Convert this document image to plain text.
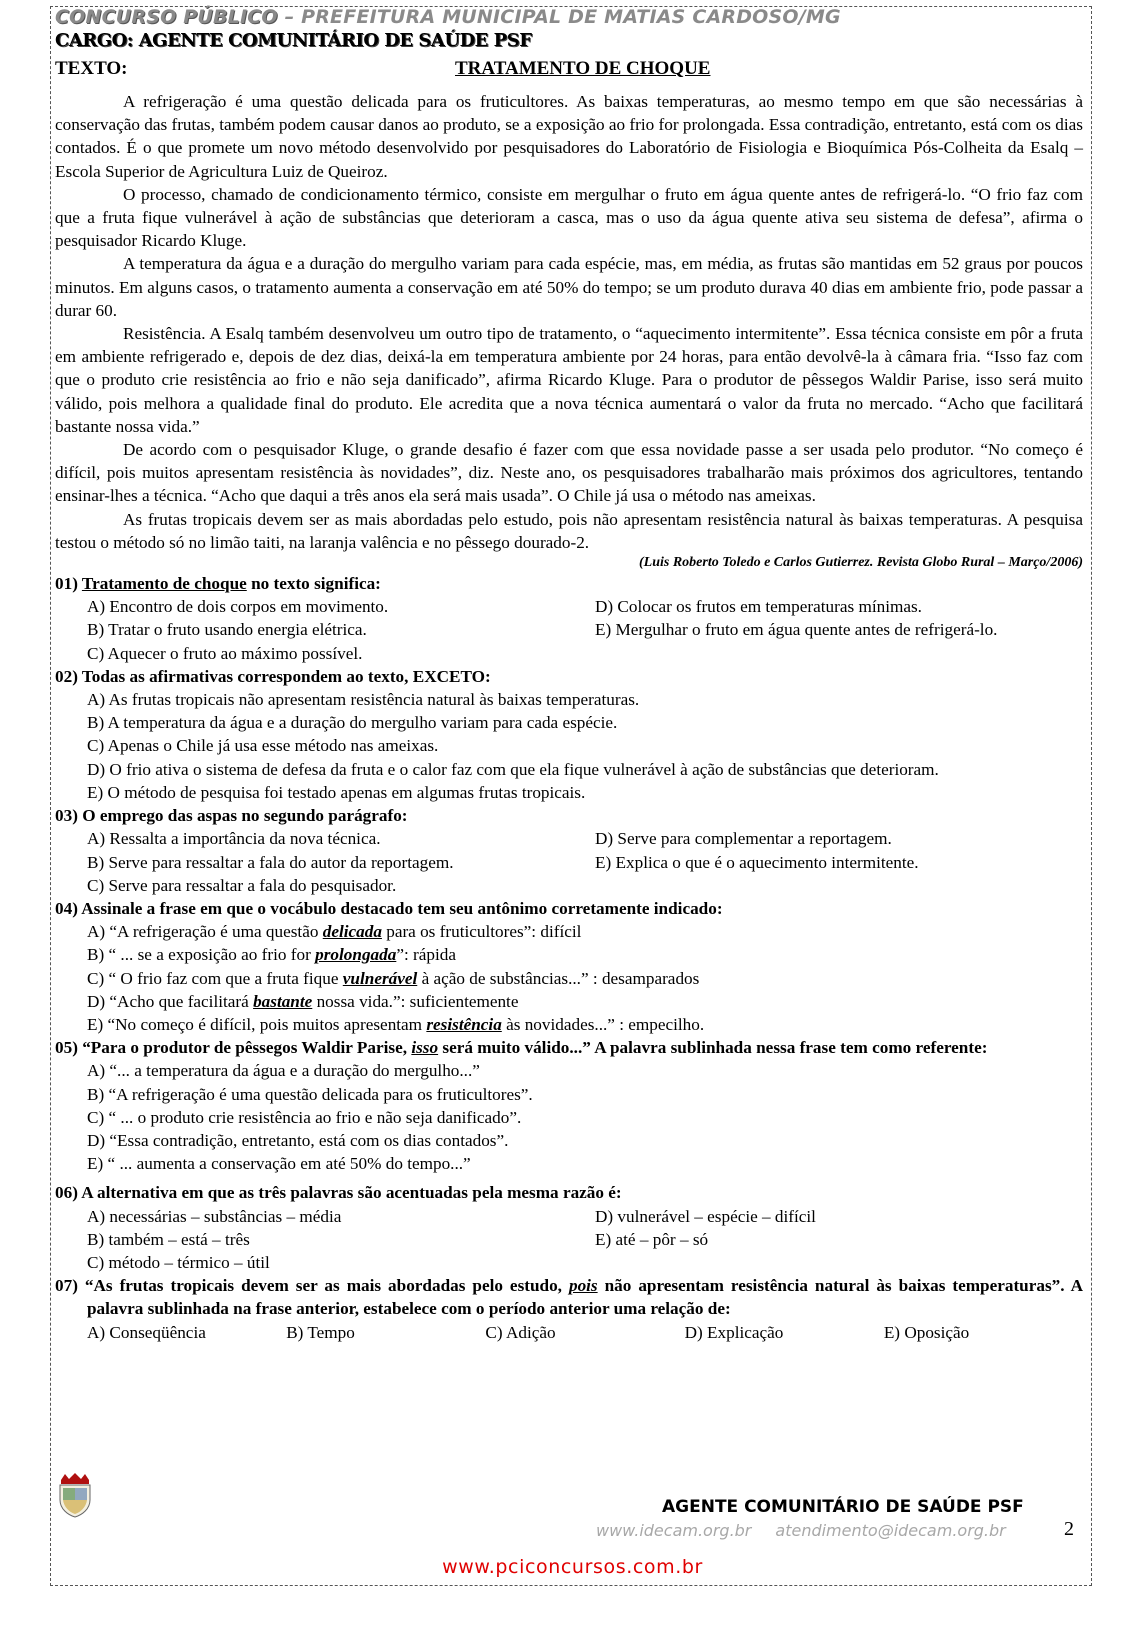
CONCURSO PÚBLICO – PREFEITURA MUNICIPAL DE MATIAS CARDOSO/MG
CARGO: AGENTE COMUNITÁRIO DE SAÚDE PSF
TEXTO:	TRATAMENTO DE CHOQUE

A refrigeração é uma questão delicada para os fruticultores. As baixas temperaturas, ao mesmo tempo em que são necessárias à conservação das frutas, também podem causar danos ao produto, se a exposição ao frio for prolongada. Essa contradição, entretanto, está com os dias contados. É o que promete um novo método desenvolvido por pesquisadores do Laboratório de Fisiologia e Bioquímica Pós-Colheita da Esalq – Escola Superior de Agricultura Luiz de Queiroz.

O processo, chamado de condicionamento térmico, consiste em mergulhar o fruto em água quente antes de refrigerá-lo. “O frio faz com que a fruta fique vulnerável à ação de substâncias que deterioram a casca, mas o uso da água quente ativa seu sistema de defesa”, afirma o pesquisador Ricardo Kluge.

A temperatura da água e a duração do mergulho variam para cada espécie, mas, em média, as frutas são mantidas em 52 graus por poucos minutos. Em alguns casos, o tratamento aumenta a conservação em até 50% do tempo; se um produto durava 40 dias em ambiente frio, pode passar a durar 60.

Resistência. A Esalq também desenvolveu um outro tipo de tratamento, o “aquecimento intermitente”. Essa técnica consiste em pôr a fruta em ambiente refrigerado e, depois de dez dias, deixá-la em temperatura ambiente por 24 horas, para então devolvê-la à câmara fria. “Isso faz com que o produto crie resistência ao frio e não seja danificado”, afirma Ricardo Kluge. Para o produtor de pêssegos Waldir Parise, isso será muito válido, pois melhora a qualidade final do produto. Ele acredita que a nova técnica aumentará o valor da fruta no mercado. “Acho que facilitará bastante nossa vida.”

De acordo com o pesquisador Kluge, o grande desafio é fazer com que essa novidade passe a ser usada pelo produtor. “No começo é difícil, pois muitos apresentam resistência às novidades”, diz. Neste ano, os pesquisadores trabalharão mais próximos dos agricultores, tentando ensinar-lhes a técnica. “Acho que daqui a três anos ela será mais usada”. O Chile já usa o método nas ameixas.

As frutas tropicais devem ser as mais abordadas pelo estudo, pois não apresentam resistência natural às baixas temperaturas. A pesquisa testou o método só no limão taiti, na laranja valência e no pêssego dourado-2.

(Luis Roberto Toledo e Carlos Gutierrez. Revista Globo Rural – Março/2006)
01) Tratamento de choque no texto significa:
A) Encontro de dois corpos em movimento.	D) Colocar os frutos em temperaturas mínimas.
B) Tratar o fruto usando energia elétrica.	E) Mergulhar o fruto em água quente antes de refrigerá-lo.
C) Aquecer o fruto ao máximo possível.
02) Todas as afirmativas correspondem ao texto, EXCETO:
A) As frutas tropicais não apresentam resistência natural às baixas temperaturas.
B) A temperatura da água e a duração do mergulho variam para cada espécie.
C) Apenas o Chile já usa esse método nas ameixas.
D) O frio ativa o sistema de defesa da fruta e o calor faz com que ela fique vulnerável à ação de substâncias que deterioram.
E) O método de pesquisa foi testado apenas em algumas frutas tropicais.
03) O emprego das aspas no segundo parágrafo:
A) Ressalta a importância da nova técnica.	D) Serve para complementar a reportagem.
B) Serve para ressaltar a fala do autor da reportagem.	E) Explica o que é o aquecimento intermitente.
C) Serve para ressaltar a fala do pesquisador.
04) Assinale a frase em que o vocábulo destacado tem seu antônimo corretamente indicado:
A) “A refrigeração é uma questão delicada para os fruticultores”: difícil
B) “ ... se a exposição ao frio for prolongada”: rápida
C) “ O frio faz com que a fruta fique vulnerável à ação de substâncias...” : desamparados
D) “Acho que facilitará bastante nossa vida.”: suficientemente
E) “No começo é difícil, pois muitos apresentam resistência às novidades...” : empecilho.
05) “Para o produtor de pêssegos Waldir Parise, isso será muito válido...” A palavra sublinhada nessa frase tem como referente:
A) “... a temperatura da água e a duração do mergulho...”
B) “A refrigeração é uma questão delicada para os fruticultores”.
C) “ ... o produto crie resistência ao frio e não seja danificado”.
D) “Essa contradição, entretanto, está com os dias contados”.
E) “ ... aumenta a conservação em até 50% do tempo...”
06) A alternativa em que as três palavras são acentuadas pela mesma razão é:
A) necessárias – substâncias – média	D) vulnerável – espécie – difícil
B) também – está – três	E) até – pôr – só
C) método – térmico – útil
07) “As frutas tropicais devem ser as mais abordadas pelo estudo, pois não apresentam resistência natural às baixas temperaturas”. A palavra sublinhada na frase anterior, estabelece com o período anterior uma relação de:
A) Conseqüência	B) Tempo	C) Adição	D) Explicação	E) Oposição
AGENTE COMUNITÁRIO DE SAÚDE PSF
www.idecam.org.br atendimento@idecam.org.br	2
www.pciconcursos.com.br
